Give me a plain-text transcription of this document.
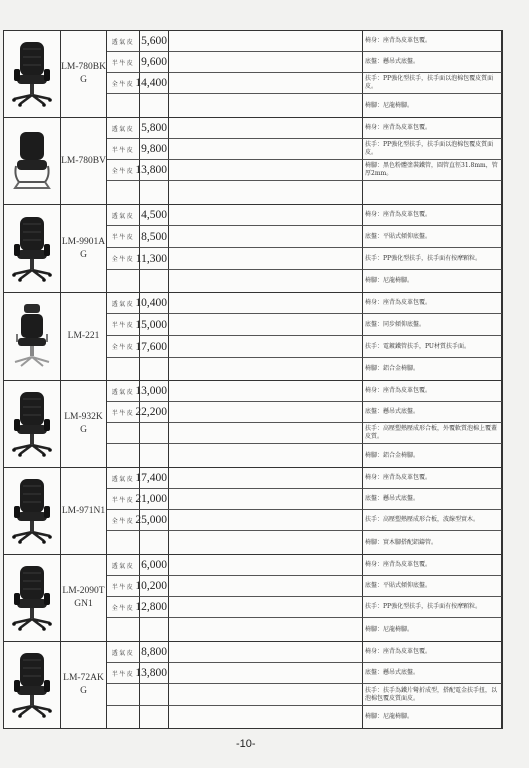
LM-780BKG
透氣皮 5,600	椅身：座背為皮革包覆。
半牛皮 9,600	底盤：懸吊式底盤。
全牛皮 14,400	扶手：PP強化型扶手，扶手面以泡棉包覆皮質面皮。
椅腳：尼龍椅腳。
LM-780BV
透氣皮 5,800	椅身：座背為皮革包覆。
半牛皮 9,800	扶手：PP強化型扶手，扶手面以泡棉包覆皮質面皮。
全牛皮 13,800	椅腳：黑色粉體塗裝鐵管，圓管直徑31.8mm，管厚2mm。
LM-9901AG
透氣皮 4,500	椅身：座背為皮革包覆。
半牛皮 8,500	底盤：平貼式傾仰底盤。
全牛皮 11,300	扶手：PP強化型扶手，扶手面有按摩顆粒。
椅腳：尼龍椅腳。
LM-221
透氣皮 10,400	椅身：座背為皮革包覆。
半牛皮 15,000	底盤：同步傾仰底盤。
全牛皮 17,600	扶手：電鍍鐵管扶手，PU材質扶手面。
椅腳：鋁合金椅腳。
LM-932KG
透氣皮 13,000	椅身：座背為皮革包覆。
半牛皮 22,200	底盤：懸吊式底盤。
扶手：高壓塑熱壓成形合板，外覆軟質泡棉上覆蓋皮質。
椅腳：鋁合金椅腳。
LM-971N1
透氣皮 17,400	椅身：座背為皮革包覆。
半牛皮 21,000	底盤：懸吊式底盤。
全牛皮 25,000	扶手：高壓塑熱壓成形合板，波線型實木。
椅腳：實木腳搭配鋁鑄管。
LM-2090TGN1
透氣皮 6,000	椅身：座背為皮革包覆。
半牛皮 10,200	底盤：平貼式傾仰底盤。
全牛皮 12,800	扶手：PP強化型扶手，扶手面有按摩顆粒。
椅腳：尼龍椅腳。
LM-72AKG
透氣皮 8,800	椅身：座背為皮革包覆。
半牛皮 13,800	底盤：懸吊式底盤。
扶手：扶手為鐵片彎折成型，搭配電金扶手扭，以泡棉包覆皮質面皮。
椅腳：尼龍椅腳。
-10-
